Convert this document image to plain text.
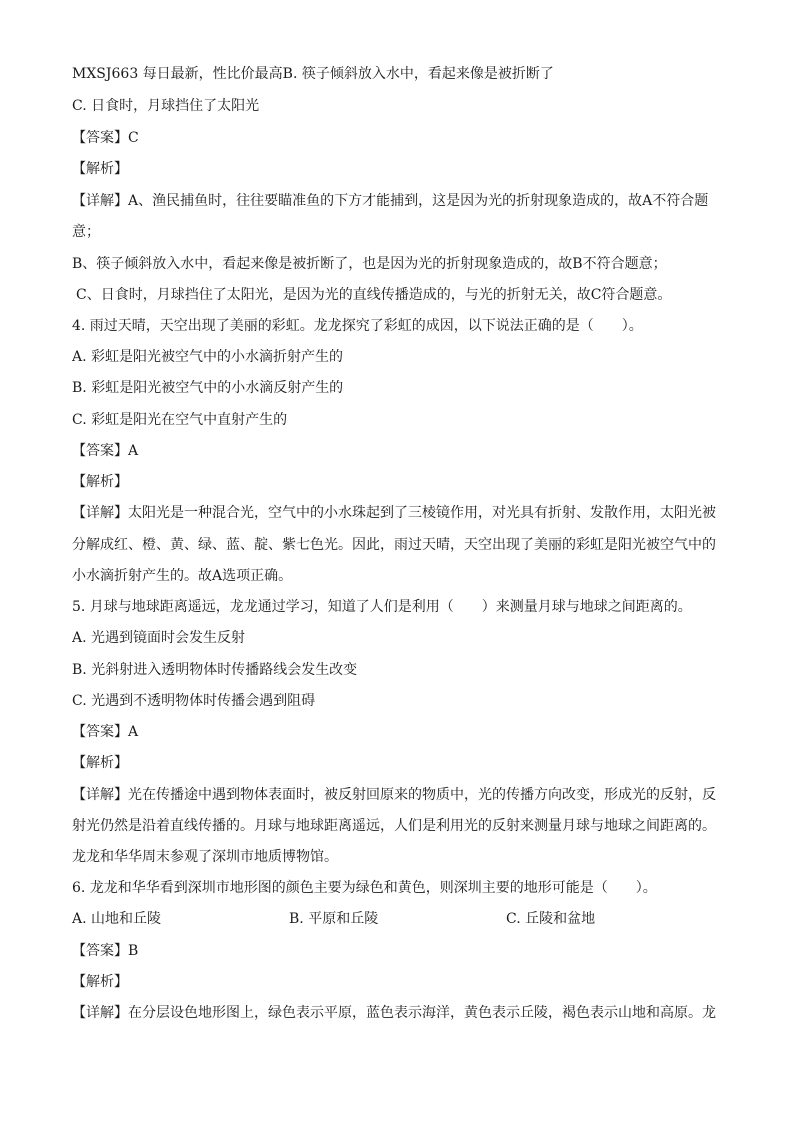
MXSJ663 每日最新，性比价最高B. 筷子倾斜放入水中，看起来像是被折断了
C. 日食时，月球挡住了太阳光
【答案】C
【解析】
【详解】A、渔民捕鱼时，往往要瞄准鱼的下方才能捕到，这是因为光的折射现象造成的，故A不符合题
意；
B、筷子倾斜放入水中，看起来像是被折断了，也是因为光的折射现象造成的，故B不符合题意；
C、日食时，月球挡住了太阳光，是因为光的直线传播造成的，与光的折射无关，故C符合题意。
4. 雨过天晴，天空出现了美丽的彩虹。龙龙探究了彩虹的成因，以下说法正确的是（　　）。
A. 彩虹是阳光被空气中的小水滴折射产生的
B. 彩虹是阳光被空气中的小水滴反射产生的
C. 彩虹是阳光在空气中直射产生的
【答案】A
【解析】
【详解】太阳光是一种混合光，空气中的小水珠起到了三棱镜作用，对光具有折射、发散作用，太阳光被
分解成红、橙、黄、绿、蓝、靛、紫七色光。因此，雨过天晴，天空出现了美丽的彩虹是阳光被空气中的
小水滴折射产生的。故A选项正确。
5. 月球与地球距离遥远，龙龙通过学习，知道了人们是利用（　　）来测量月球与地球之间距离的。
A. 光遇到镜面时会发生反射
B. 光斜射进入透明物体时传播路线会发生改变
C. 光遇到不透明物体时传播会遇到阻碍
【答案】A
【解析】
【详解】光在传播途中遇到物体表面时，被反射回原来的物质中，光的传播方向改变，形成光的反射，反
射光仍然是沿着直线传播的。月球与地球距离遥远，人们是利用光的反射来测量月球与地球之间距离的。
龙龙和华华周末参观了深圳市地质博物馆。
6. 龙龙和华华看到深圳市地形图的颜色主要为绿色和黄色，则深圳主要的地形可能是（　　）。
A. 山地和丘陵	B. 平原和丘陵	C. 丘陵和盆地
【答案】B
【解析】
【详解】在分层设色地形图上，绿色表示平原，蓝色表示海洋，黄色表示丘陵，褐色表示山地和高原。龙
